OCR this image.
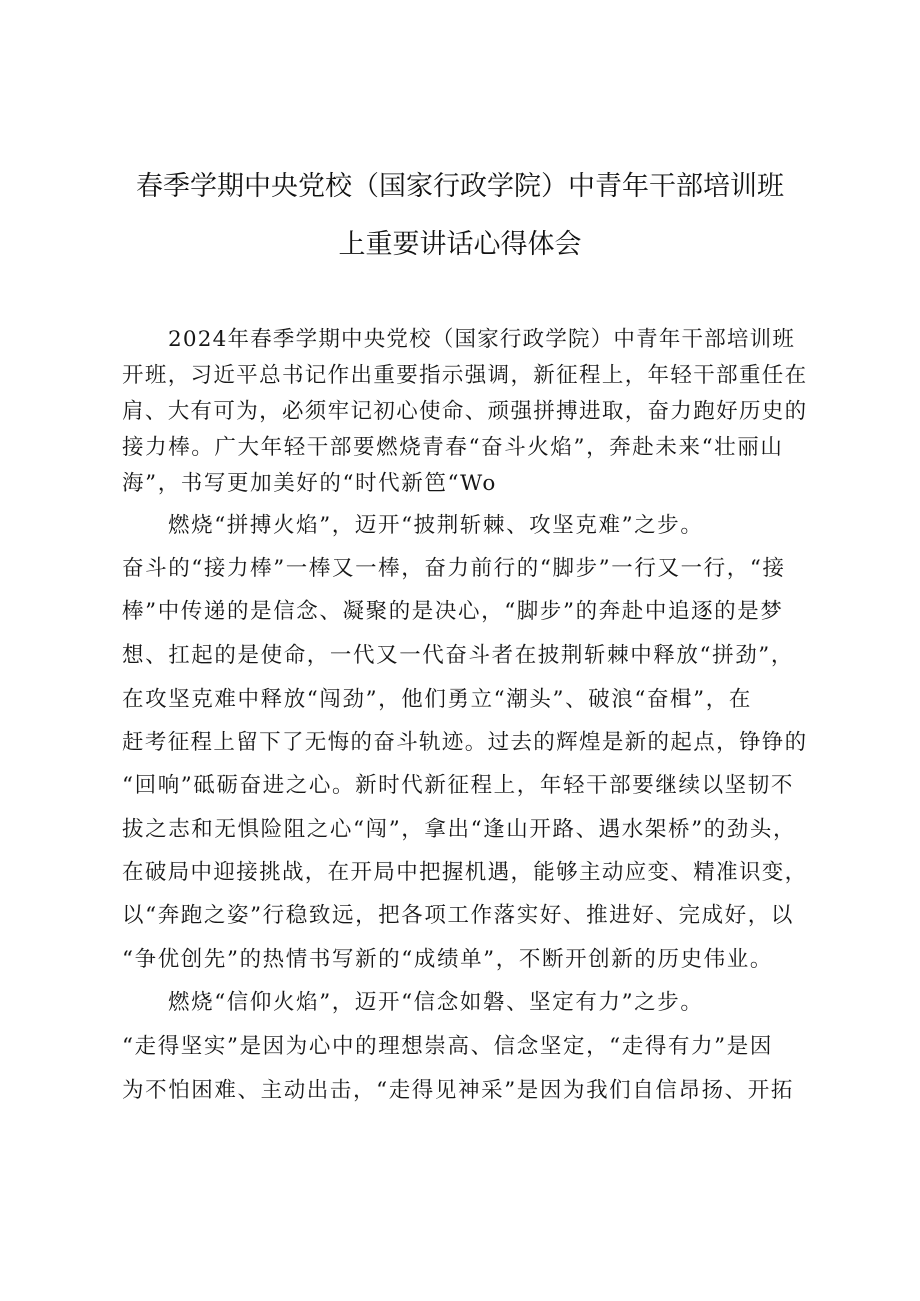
春季学期中央党校（国家行政学院）中青年干部培训班
上重要讲话心得体会

2024年春季学期中央党校（国家行政学院）中青年干部培训班

开班，习近平总书记作出重要指示强调，新征程上，年轻干部重任在

肩、大有可为，必须牢记初心使命、顽强拼搏进取，奋力跑好历史的

接力棒。广大年轻干部要燃烧青春“奋斗火焰”，奔赴未来“壮丽山

海”，书写更加美好的“时代新笆“Wo

燃烧“拼搏火焰”，迈开“披荆斩棘、攻坚克难”之步。

奋斗的“接力棒”一棒又一棒，奋力前行的“脚步”一行又一行，“接

棒”中传递的是信念、凝聚的是决心，“脚步”的奔赴中追逐的是梦

想、扛起的是使命，一代又一代奋斗者在披荆斩棘中释放“拼劲”，

在攻坚克难中释放“闯劲”，他们勇立“潮头”、破浪“奋楫”，在

赶考征程上留下了无悔的奋斗轨迹。过去的辉煌是新的起点，铮铮的

“回响”砥砺奋进之心。新时代新征程上，年轻干部要继续以坚韧不

拔之志和无惧险阻之心“闯”，拿出“逢山开路、遇水架桥”的劲头，

在破局中迎接挑战，在开局中把握机遇，能够主动应变、精准识变，

以“奔跑之姿”行稳致远，把各项工作落实好、推进好、完成好，以

“争优创先”的热情书写新的“成绩单”，不断开创新的历史伟业。

燃烧“信仰火焰”，迈开“信念如磐、坚定有力”之步。

“走得坚实”是因为心中的理想崇高、信念坚定，“走得有力”是因

为不怕困难、主动出击，“走得见神采”是因为我们自信昂扬、开拓
